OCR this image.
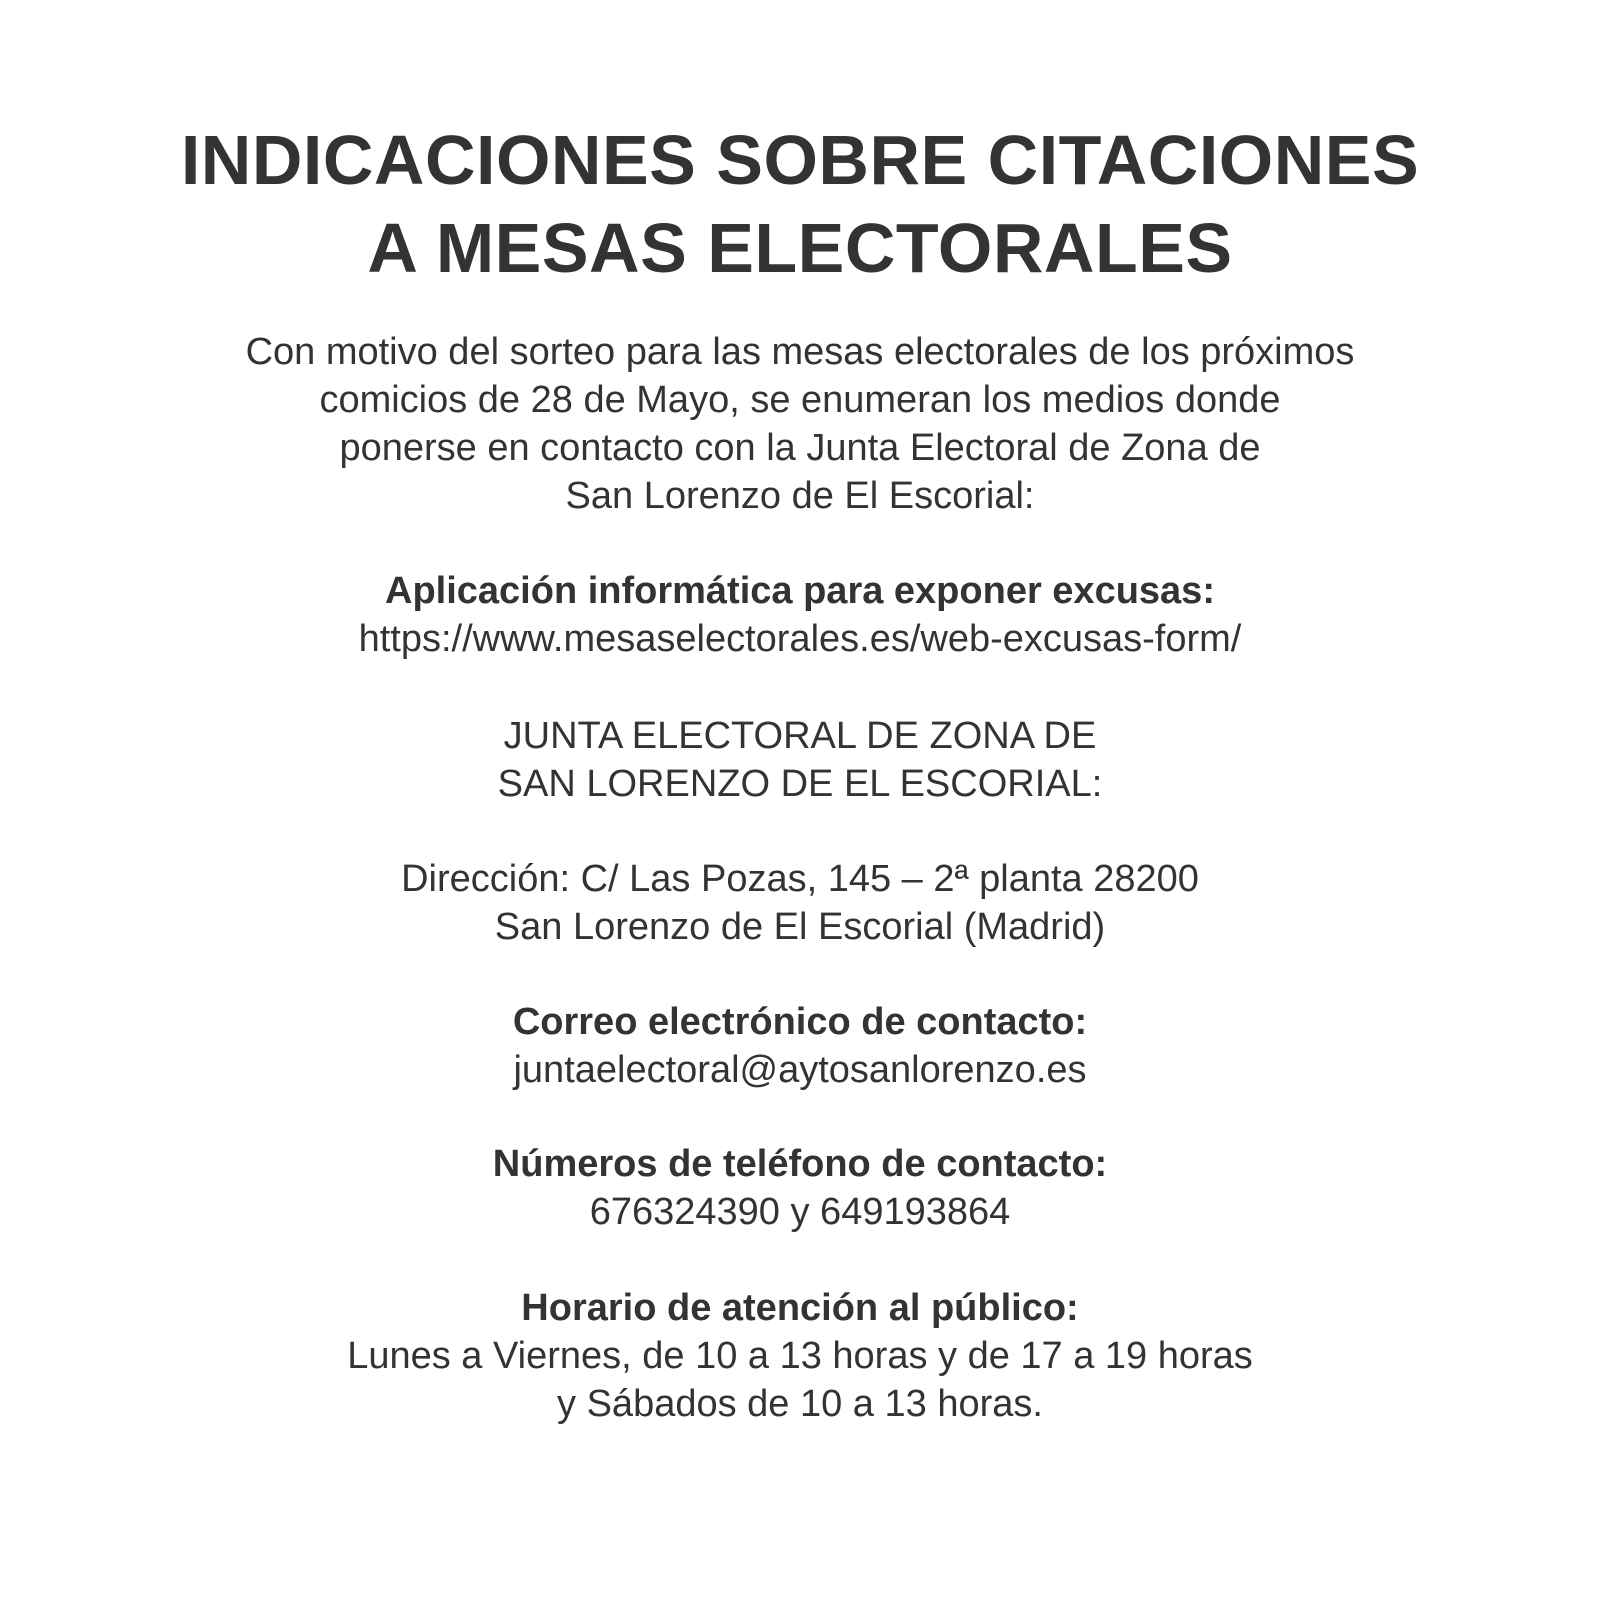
INDICACIONES SOBRE CITACIONES
A MESAS ELECTORALES
Con motivo del sorteo para las mesas electorales de los próximos
comicios de 28 de Mayo, se enumeran los medios donde
ponerse en contacto con la Junta Electoral de Zona de
San Lorenzo de El Escorial:
Aplicación informática para exponer excusas:
https://www.mesaselectorales.es/web-excusas-form/
JUNTA ELECTORAL DE ZONA DE
SAN LORENZO DE EL ESCORIAL:
Dirección: C/ Las Pozas, 145 – 2ª planta 28200
San Lorenzo de El Escorial (Madrid)
Correo electrónico de contacto:
juntaelectoral@aytosanlorenzo.es
Números de teléfono de contacto:
676324390 y 649193864
Horario de atención al público:
Lunes a Viernes, de 10 a 13 horas y de 17 a 19 horas
y Sábados de 10 a 13 horas.
